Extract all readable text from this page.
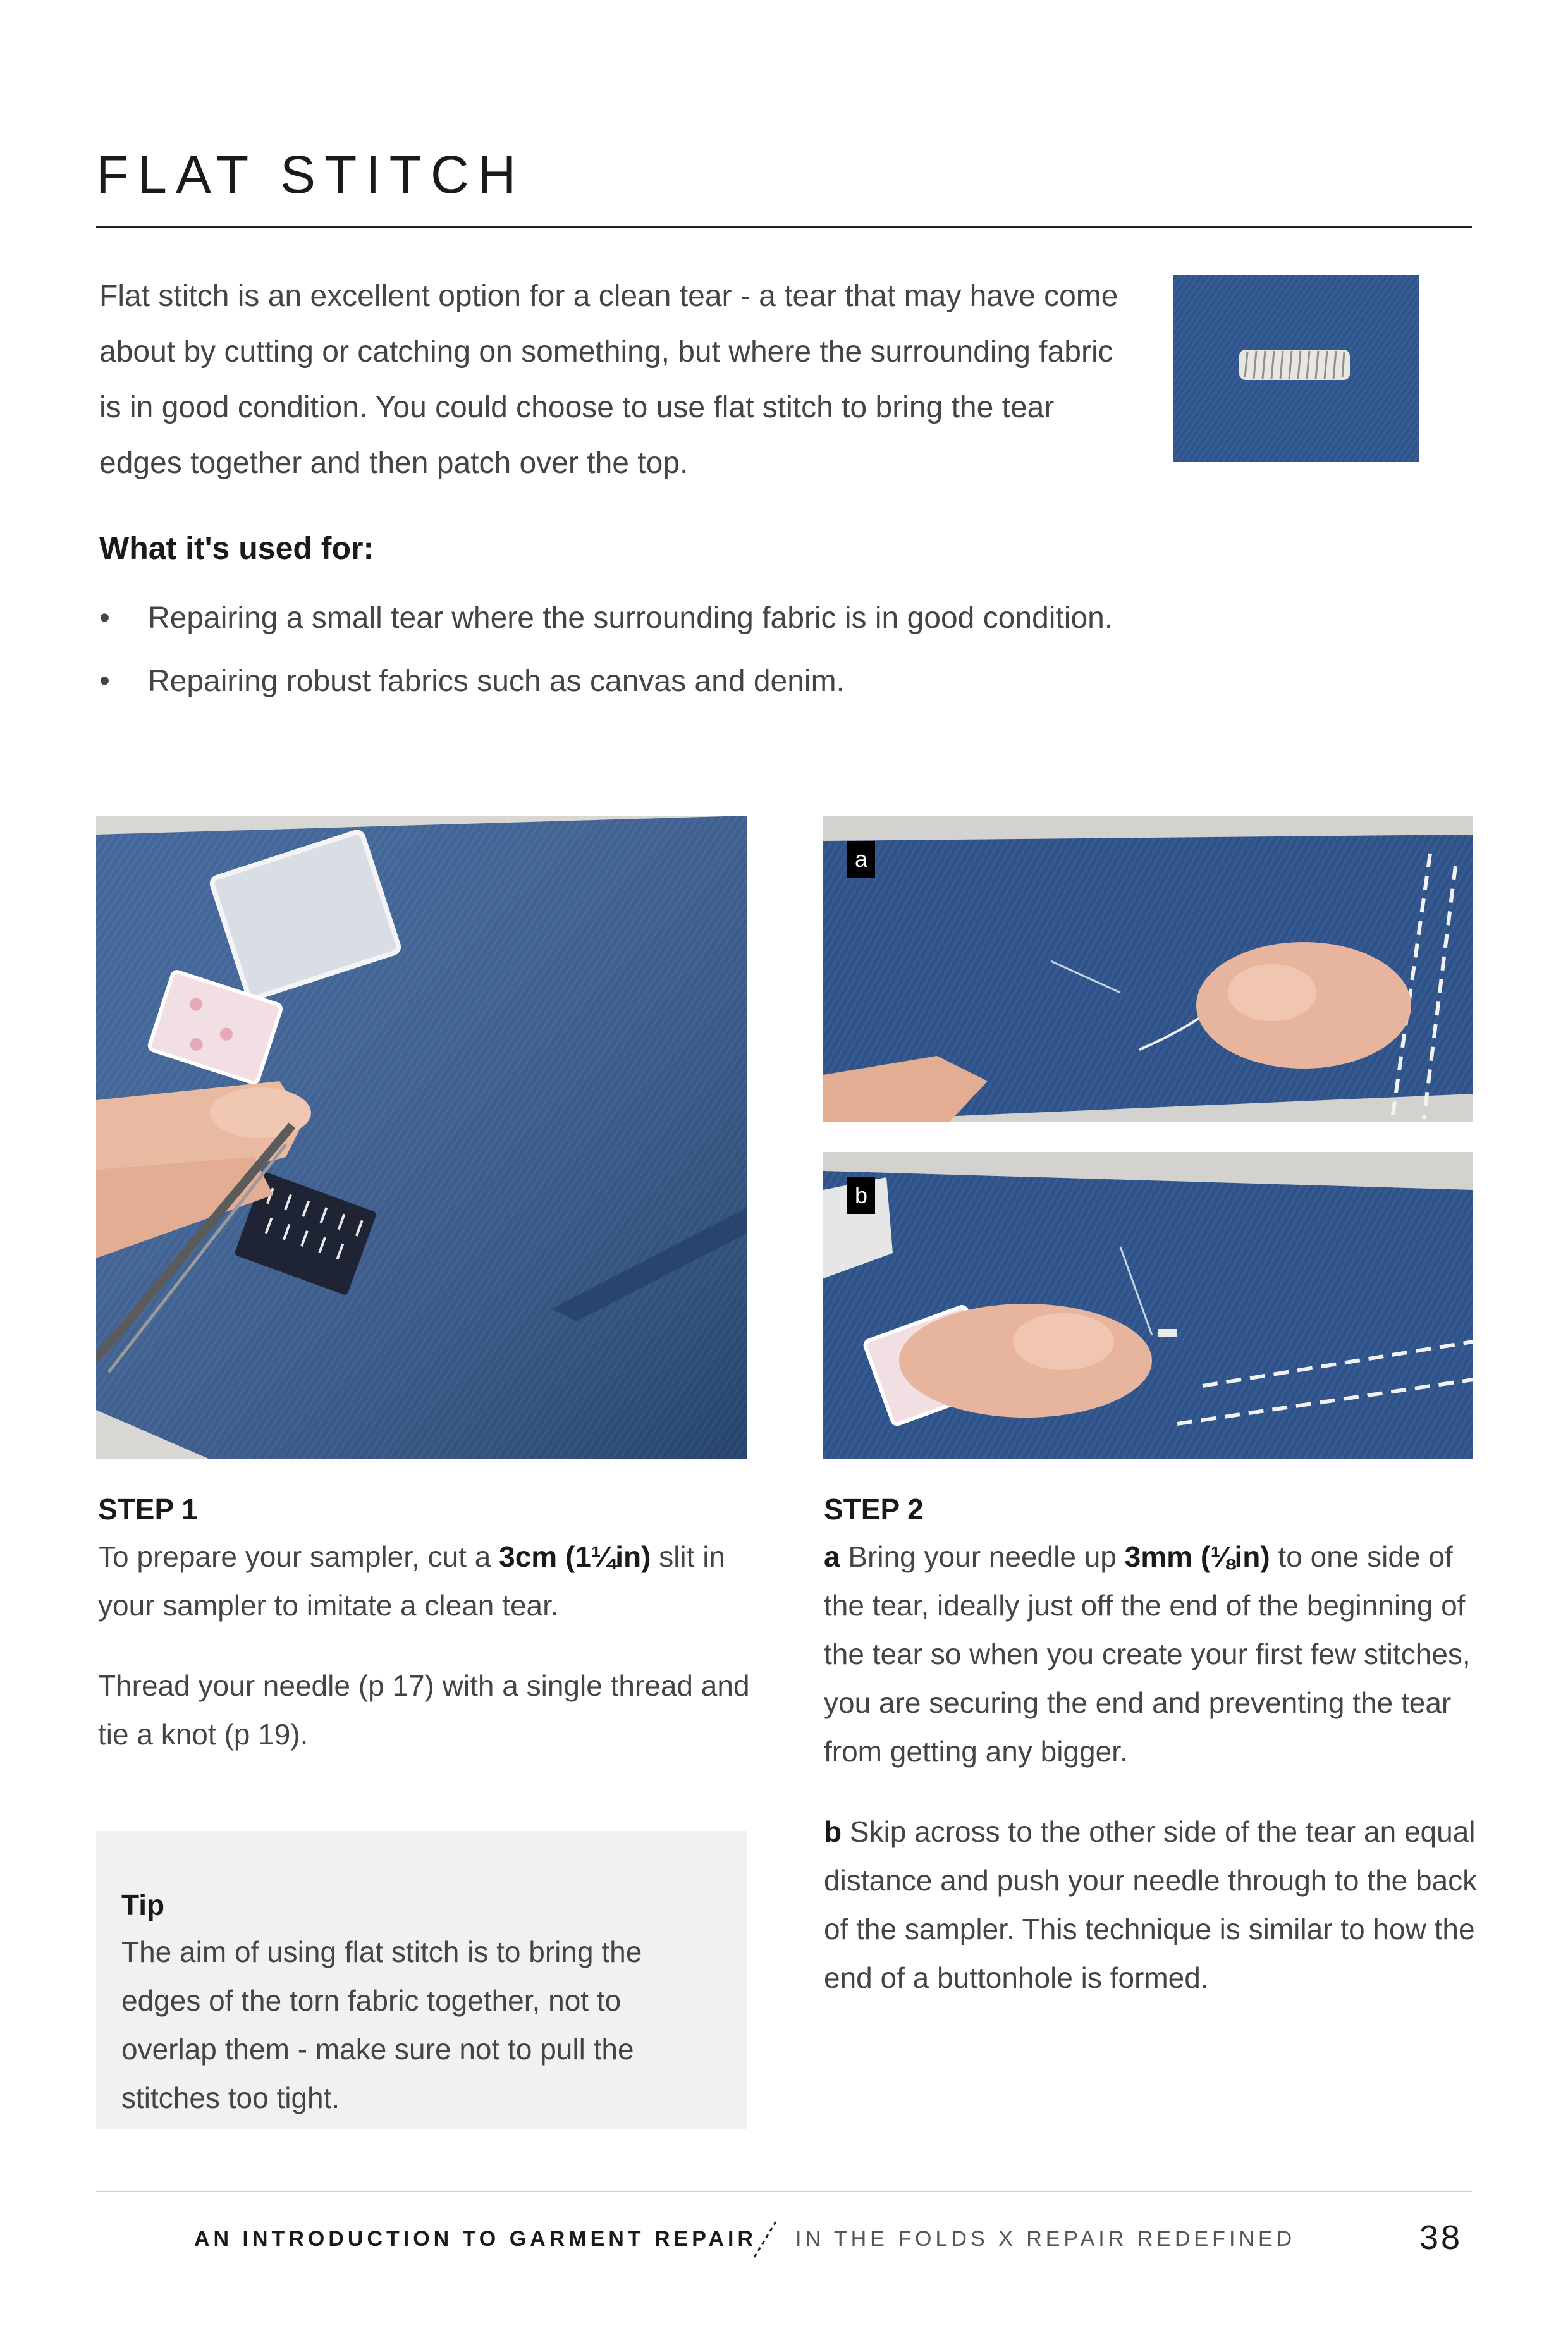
FLAT STITCH

Flat stitch is an excellent option for a clean tear - a tear that may have come about by cutting or catching on something, but where the surrounding fabric is in good condition. You could choose to use flat stitch to bring the tear edges together and then patch over the top.

What it's used for:
• Repairing a small tear where the surrounding fabric is in good condition.
• Repairing robust fabrics such as canvas and denim.
a
b
STEP 1

To prepare your sampler, cut a 3cm (1¼in) slit in your sampler to imitate a clean tear.

Thread your needle (p 17) with a single thread and tie a knot (p 19).

STEP 2

a Bring your needle up 3mm (⅛in) to one side of the tear, ideally just off the end of the beginning of the tear so when you create your first few stitches, you are securing the end and preventing the tear from getting any bigger.

b Skip across to the other side of the tear an equal distance and push your needle through to the back of the sampler. This technique is similar to how the end of a buttonhole is formed.

Tip

The aim of using flat stitch is to bring the edges of the torn fabric together, not to overlap them - make sure not to pull the stitches too tight.

AN INTRODUCTION TO GARMENT REPAIR IN THE FOLDS X REPAIR REDEFINED	38
